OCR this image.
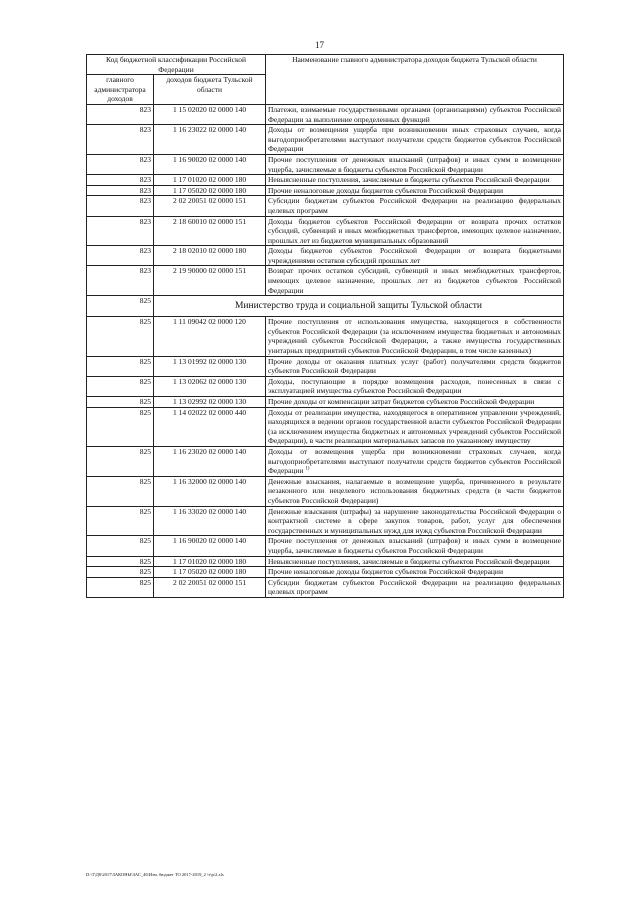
17
Код бюджетной классификации Российской Федерации		Наименование главного администратора доходов бюджета Тульской области
главного администратора доходов	доходов бюджета Тульской области	
823	1 15 02020 02 0000 140	Платежи, взимаемые государственными органами (организациями) субъектов Российской Федерации за выполнение определенных функций
823	1 16 23022 02 0000 140	Доходы от возмещения ущерба при возникновении иных страховых случаев, когда выгодоприобретателями выступают получатели средств бюджетов субъектов Российской Федерации
823	1 16 90020 02 0000 140	Прочие поступления от денежных взысканий (штрафов) и иных сумм в возмещение ущерба, зачисляемые в бюджеты субъектов Российской Федерации
823	1 17 01020 02 0000 180	Невыясненные поступления, зачисляемые в бюджеты субъектов Российской Федерации
823	1 17 05020 02 0000 180	Прочие неналоговые доходы бюджетов субъектов Российской Федерации
823	2 02 20051 02 0000 151	Субсидии бюджетам субъектов Российской Федерации на реализацию федеральных целевых программ
823	2 18 60010 02 0000 151	Доходы бюджетов субъектов Российской Федерации от возврата прочих остатков субсидий, субвенций и иных межбюджетных трансфертов, имеющих целевое назначение, прошлых лет из бюджетов муниципальных образований
823	2 18 02010 02 0000 180	Доходы бюджетов субъектов Российской Федерации от возврата бюджетными учреждениями остатков субсидий прошлых лет
823	2 19 90000 02 0000 151	Возврат прочих остатков субсидий, субвенций и иных межбюджетных трансфертов, имеющих целевое назначение, прошлых лет из бюджетов субъектов Российской Федерации
825	Министерство труда и социальной защиты Тульской области	
825	1 11 09042 02 0000 120	Прочие поступления от использования имущества, находящегося в собственности субъектов Российской Федерации (за исключением имущества бюджетных и автономных учреждений субъектов Российской Федерации, а также имущества государственных унитарных предприятий субъектов Российской Федерации, в том числе казенных)
825	1 13 01992 02 0000 130	Прочие доходы от оказания платных услуг (работ) получателями средств бюджетов субъектов Российской Федерации
825	1 13 02062 02 0000 130	Доходы, поступающие в порядке возмещения расходов, понесенных в связи с эксплуатацией имущества субъектов Российской Федерации
825	1 13 02992 02 0000 130	Прочие доходы от компенсации затрат бюджетов субъектов Российской Федерации
825	1 14 02022 02 0000 440	Доходы от реализации имущества, находящегося в оперативном управлении учреждений, находящихся в ведении органов государственной власти субъектов Российской Федерации (за исключением имущества бюджетных и автономных учреждений субъектов Российской Федерации), в части реализации материальных запасов по указанному имуществу
825	1 16 23020 02 0000 140	Доходы от возмещения ущерба при возникновении страховых случаев, когда выгодоприобретателями выступают получатели средств бюджетов субъектов Российской Федерации $^{1)}$
825	1 16 32000 02 0000 140	Денежные взыскания, налагаемые в возмещение ущерба, причиненного в результате незаконного или нецелевого использования бюджетных средств (в части бюджетов субъектов Российской Федерации)
825	1 16 33020 02 0000 140	Денежные взыскания (штрафы) за нарушение законодательства Российской Федерации о контрактной системе в сфере закупок товаров, работ, услуг для обеспечения государственных и муниципальных нужд для нужд субъектов Российской Федерации
825	1 16 90020 02 0000 140	Прочие поступления от денежных взысканий (штрафов) и иных сумм в возмещение ущерба, зачисляемые в бюджеты субъектов Российской Федерации
825	1 17 01020 02 0000 180	Невыясненные поступления, зачисляемые в бюджеты субъектов Российской Федерации
825	1 17 05020 02 0000 180	Прочие неналоговые доходы бюджетов субъектов Российской Федерации
825	2 02 20051 02 0000 151	Субсидии бюджетам субъектов Российской Федерации на реализацию федеральных целевых программ
D:\T\Д0\2017\ЗАКОНЫ\ЗАС_46\Изм. бюджет ТО 2017-2019_2 \т\р\2.xls
